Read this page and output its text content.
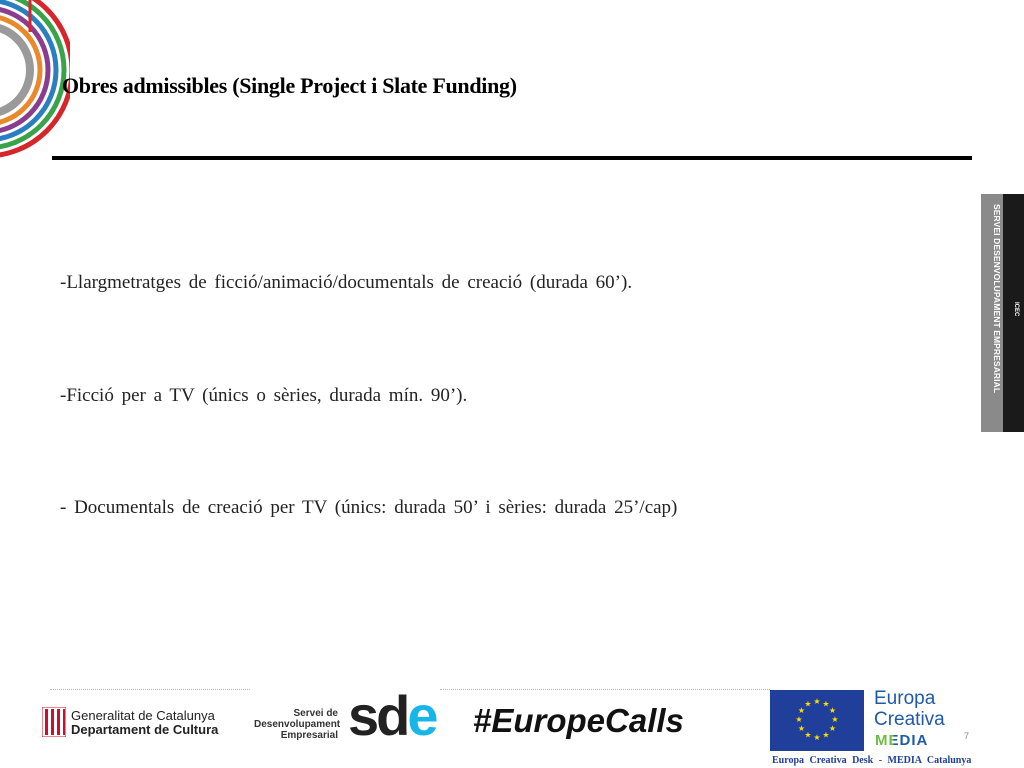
Obres admissibles (Single Project i Slate Funding)
-Llargmetratges de ficció/animació/documentals de creació (durada 60’).
-Ficció per a TV (únics o sèries, durada mín. 90’).
- Documentals de creació per TV (únics: durada 50’ i sèries: durada 25’/cap)
SERVEI DESENVOLUPAMENT EMPRESARIAL ICEC
Generalitat de Catalunya
Departament de Cultura
Servei de
Desenvolupament
Empresarial sde #EuropeCalls
★ ★
★
★
★
★
★
★
★
★
★
★	Europa
Creativa
MEDIA
Europa Creativa Desk - MEDIA Catalunya
7
